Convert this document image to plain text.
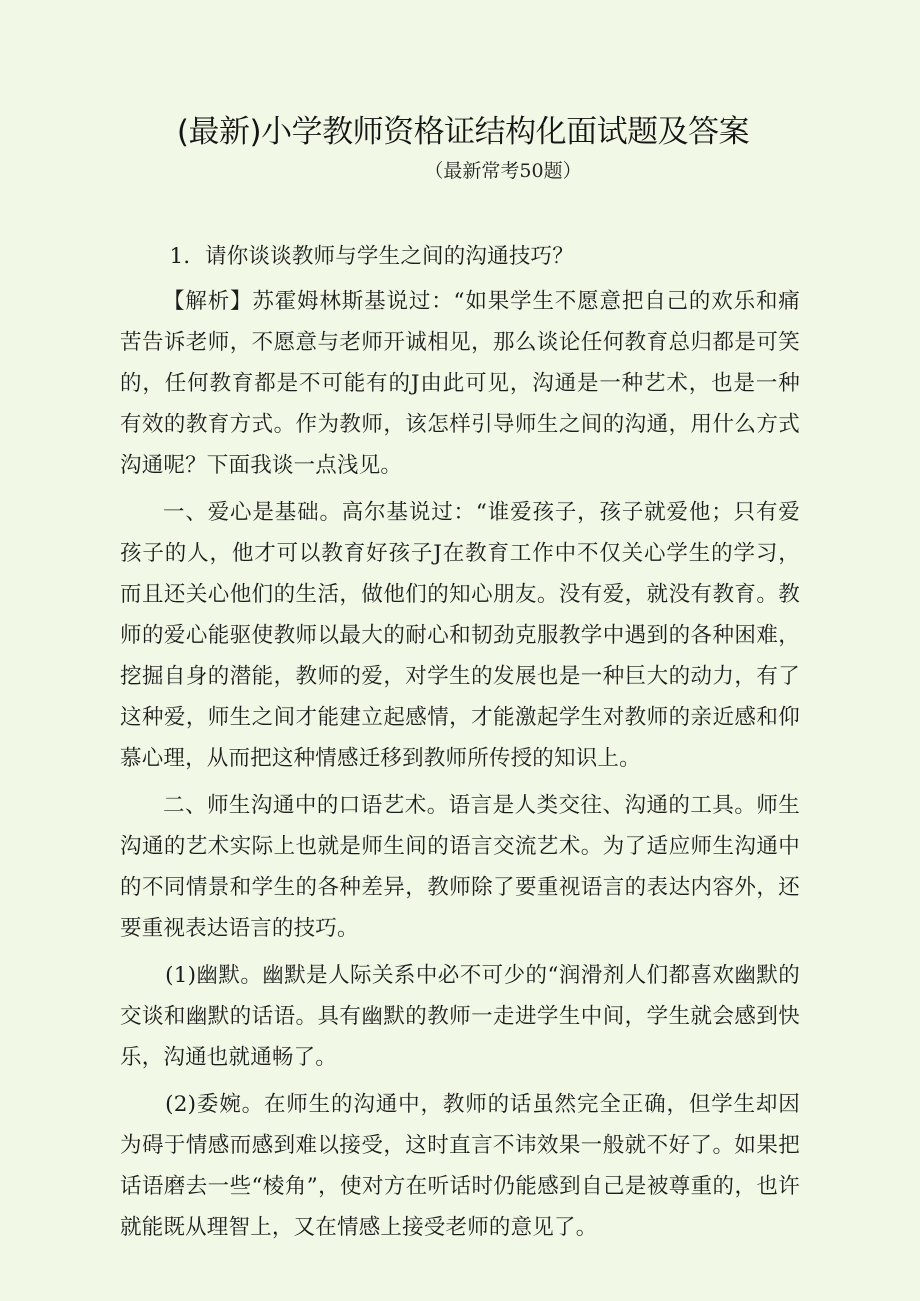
(最新)小学教师资格证结构化面试题及答案
（最新常考50题）

1．请你谈谈教师与学生之间的沟通技巧？

【解析】苏霍姆林斯基说过：“如果学生不愿意把自己的欢乐和痛苦告诉老师，不愿意与老师开诚相见，那么谈论任何教育总归都是可笑的，任何教育都是不可能有的J由此可见，沟通是一种艺术，也是一种有效的教育方式。作为教师，该怎样引导师生之间的沟通，用什么方式沟通呢？下面我谈一点浅见。

一、爱心是基础。高尔基说过：“谁爱孩子，孩子就爱他；只有爱孩子的人，他才可以教育好孩子J在教育工作中不仅关心学生的学习，而且还关心他们的生活，做他们的知心朋友。没有爱，就没有教育。教师的爱心能驱使教师以最大的耐心和韧劲克服教学中遇到的各种困难，挖掘自身的潜能，教师的爱，对学生的发展也是一种巨大的动力，有了这种爱，师生之间才能建立起感情，才能激起学生对教师的亲近感和仰慕心理，从而把这种情感迁移到教师所传授的知识上。

二、师生沟通中的口语艺术。语言是人类交往、沟通的工具。师生沟通的艺术实际上也就是师生间的语言交流艺术。为了适应师生沟通中的不同情景和学生的各种差异，教师除了要重视语言的表达内容外，还要重视表达语言的技巧。

(1)幽默。幽默是人际关系中必不可少的“润滑剂人们都喜欢幽默的交谈和幽默的话语。具有幽默的教师一走进学生中间，学生就会感到快乐，沟通也就通畅了。

(2)委婉。在师生的沟通中，教师的话虽然完全正确，但学生却因为碍于情感而感到难以接受，这时直言不讳效果一般就不好了。如果把话语磨去一些“棱角”，使对方在听话时仍能感到自己是被尊重的，也许就能既从理智上，又在情感上接受老师的意见了。
